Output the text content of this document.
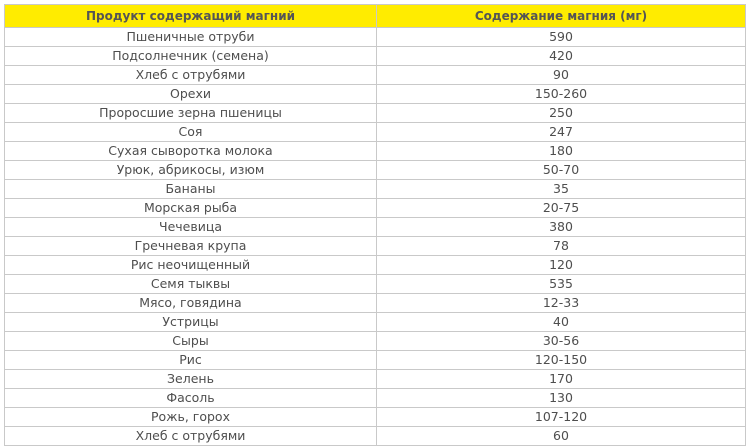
Продукт содержащий магний	Содержание магния (мг)
Пшеничные отруби	590
Подсолнечник (семена)	420
Хлеб с отрубями	90
Орехи	150-260
Проросшие зерна пшеницы	250
Соя	247
Сухая сыворотка молока	180
Урюк, абрикосы, изюм	50-70
Бананы	35
Морская рыба	20-75
Чечевица	380
Гречневая крупа	78
Рис неочищенный	120
Семя тыквы	535
Мясо, говядина	12-33
Устрицы	40
Сыры	30-56
Рис	120-150
Зелень	170
Фасоль	130
Рожь, горох	107-120
Хлеб с отрубями	60
